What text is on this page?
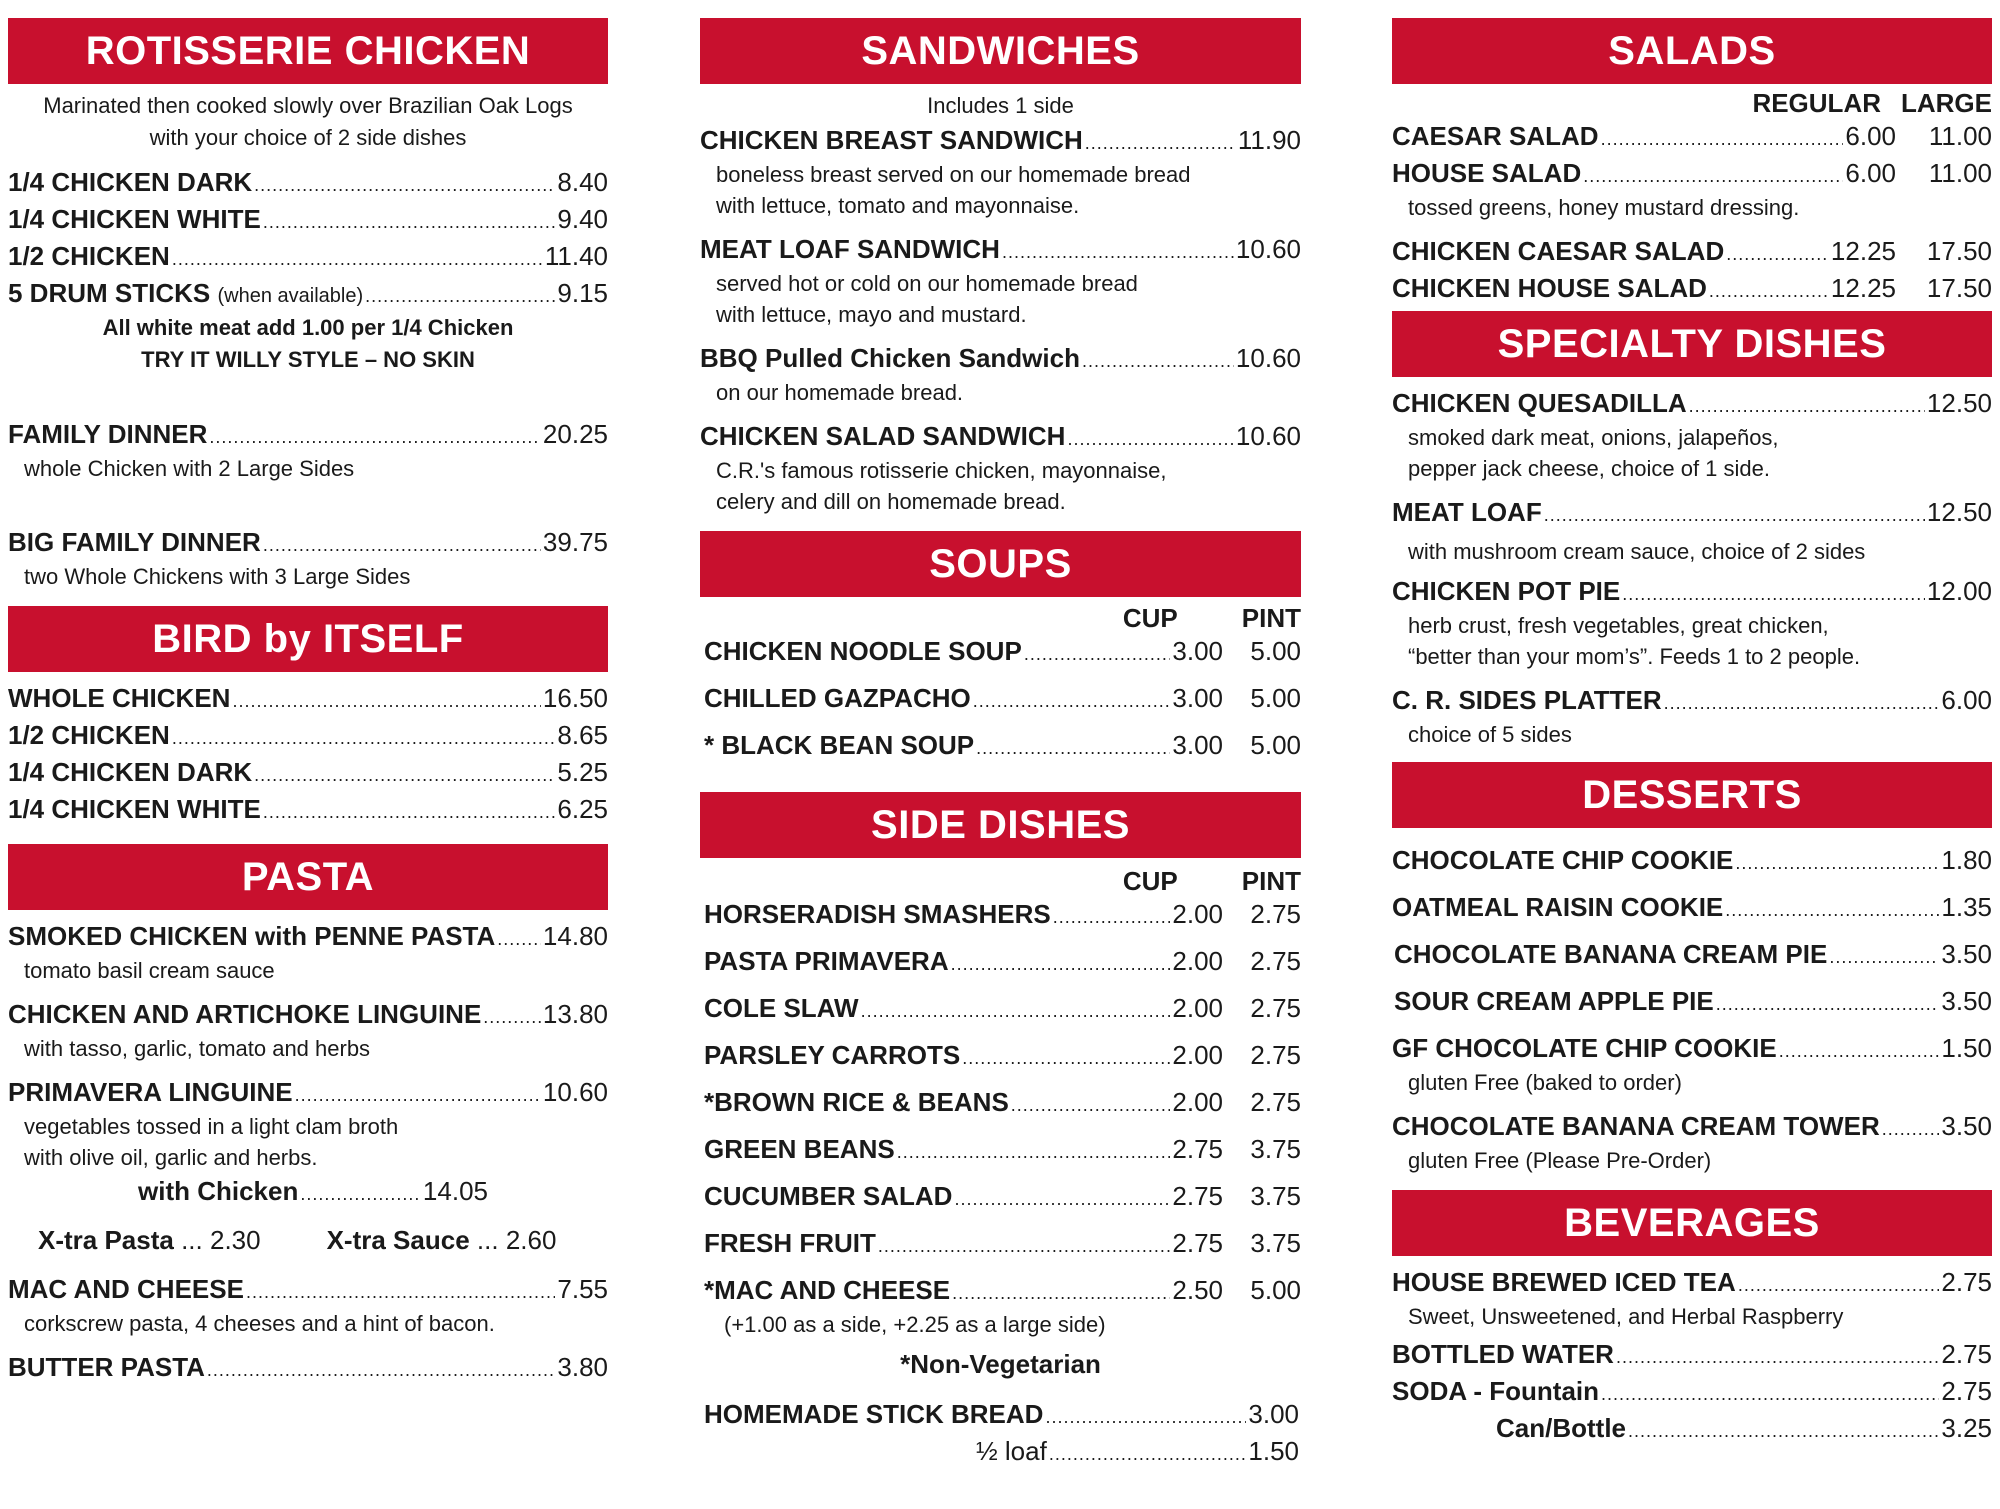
ROTISSERIE CHICKEN
Marinated then cooked slowly over Brazilian Oak Logs
with your choice of 2 side dishes
1/4 CHICKEN DARK .....	8.40
1/4 CHICKEN WHITE .....	9.40
1/2 CHICKEN .....	11.40
5 DRUM STICKS (when available) .....	9.15
All white meat add 1.00 per 1/4 Chicken
TRY IT WILLY STYLE – NO SKIN
FAMILY DINNER .....	20.25
whole Chicken with 2 Large Sides
BIG FAMILY DINNER .....	39.75
two Whole Chickens with 3 Large Sides
BIRD by ITSELF
WHOLE CHICKEN .....	16.50
1/2 CHICKEN .....	8.65
1/4 CHICKEN DARK .....	5.25
1/4 CHICKEN WHITE .....	6.25
PASTA
SMOKED CHICKEN with PENNE PASTA ..... 14.80
tomato basil cream sauce
CHICKEN AND ARTICHOKE LINGUINE ..... 13.80
with tasso, garlic, tomato and herbs
PRIMAVERA LINGUINE .....	10.60
vegetables tossed in a light clam broth
with olive oil, garlic and herbs.
with Chicken .....	14.05
X-tra Pasta ... 2.30	X-tra Sauce ... 2.60
MAC AND CHEESE .....	7.55
corkscrew pasta, 4 cheeses and a hint of bacon.
BUTTER PASTA .....	3.80
SANDWICHES
Includes 1 side
CHICKEN BREAST SANDWICH .....	11.90
boneless breast served on our homemade bread
with lettuce, tomato and mayonnaise.
MEAT LOAF SANDWICH .....	10.60
served hot or cold on our homemade bread
with lettuce, mayo and mustard.
BBQ Pulled Chicken Sandwich .....	10.60
on our homemade bread.
CHICKEN SALAD SANDWICH .....	10.60
C.R.'s famous rotisserie chicken, mayonnaise,
celery and dill on homemade bread.
SOUPS
CUP PINT
CHICKEN NOODLE SOUP .....	3.00	5.00
CHILLED GAZPACHO .....	3.00	5.00
* BLACK BEAN SOUP .....	3.00	5.00
SIDE DISHES
CUP PINT
HORSERADISH SMASHERS .....	2.00	2.75
PASTA PRIMAVERA .....	2.00	2.75
COLE SLAW .....	2.00	2.75
PARSLEY CARROTS .....	2.00	2.75
*BROWN RICE & BEANS .....	2.00	2.75
GREEN BEANS .....	2.75	3.75
CUCUMBER SALAD .....	2.75	3.75
FRESH FRUIT .....	2.75	3.75
*MAC AND CHEESE .....	2.50	5.00
(+1.00 as a side, +2.25 as a large side)
*Non-Vegetarian
HOMEMADE STICK BREAD .....	3.00
½ loaf .....	1.50
SALADS
REGULAR LARGE
CAESAR SALAD .....	6.00	11.00
HOUSE SALAD .....	6.00	11.00
tossed greens, honey mustard dressing.
CHICKEN CAESAR SALAD .....	12.25	17.50
CHICKEN HOUSE SALAD .....	12.25	17.50
SPECIALTY DISHES
CHICKEN QUESADILLA .....	12.50
smoked dark meat, onions, jalapeños,
pepper jack cheese, choice of 1 side.
MEAT LOAF .....	12.50
with mushroom cream sauce, choice of 2 sides
CHICKEN POT PIE .....	12.00
herb crust, fresh vegetables, great chicken,
“better than your mom’s”. Feeds 1 to 2 people.
C. R. SIDES PLATTER .....	6.00
choice of 5 sides
DESSERTS
CHOCOLATE CHIP COOKIE .....	1.80
OATMEAL RAISIN COOKIE .....	1.35
CHOCOLATE BANANA CREAM PIE .....	3.50
SOUR CREAM APPLE PIE .....	3.50
GF CHOCOLATE CHIP COOKIE .....	1.50
gluten Free (baked to order)
CHOCOLATE BANANA CREAM TOWER ..... 3.50
gluten Free (Please Pre-Order)
BEVERAGES
HOUSE BREWED ICED TEA .....	2.75
Sweet, Unsweetened, and Herbal Raspberry
BOTTLED WATER .....	2.75
SODA - Fountain .....	2.75
Can/Bottle .....	3.25
